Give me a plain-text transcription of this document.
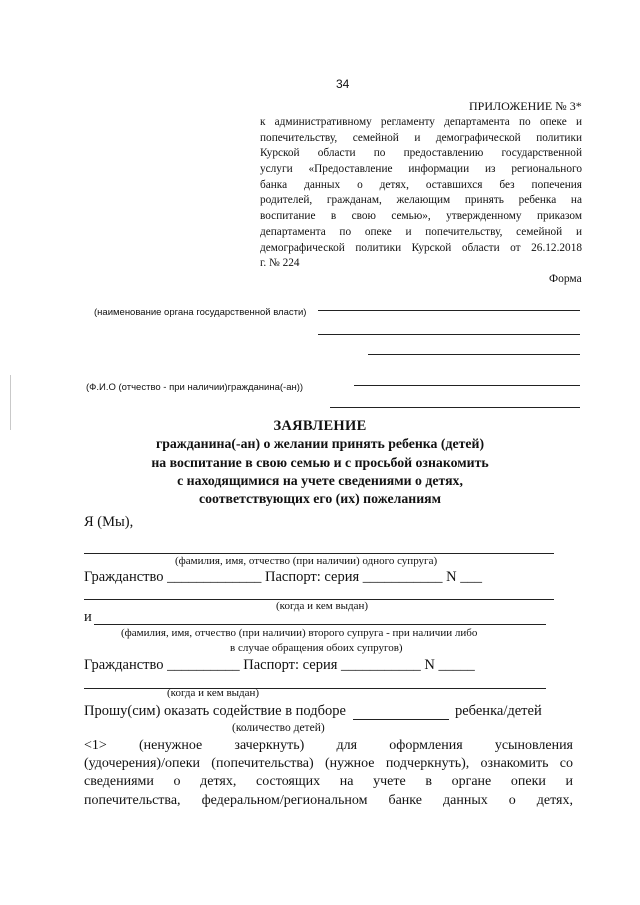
34
ПРИЛОЖЕНИЕ № 3*
к административному регламенту департамента по опеке и
попечительству, семейной и демографической политики
Курской области по предоставлению государственной
услуги «Предоставление информации из регионального
банка данных о детях, оставшихся без попечения
родителей, гражданам, желающим принять ребенка на
воспитание в свою семью», утвержденному приказом
департамента по опеке и попечительству, семейной и
демографической политики Курской области от 26.12.2018
г. № 224
Форма
(наименование органа государственной власти)
(Ф.И.О (отчество - при наличии)гражданина(-ан))
ЗАЯВЛЕНИЕ
гражданина(-ан) о желании принять ребенка (детей)
на воспитание в свою семью и с просьбой ознакомить
с находящимися на учете сведениями о детях,
соответствующих его (их) пожеланиям
Я (Мы),
(фамилия, имя, отчество (при наличии) одного супруга)
Гражданство _____________ Паспорт: серия ___________ N ___
(когда и кем выдан)
и
(фамилия, имя, отчество (при наличии) второго супруга - при наличии либо
в случае обращения обоих супругов)
Гражданство __________ Паспорт: серия ___________ N _____
(когда и кем выдан)
Прошу(сим) оказать содействие в подборе	ребенка/детей
(количество детей)
<1> (ненужное зачеркнуть) для оформления усыновления
(удочерения)/опеки (попечительства) (нужное подчеркнуть), ознакомить со
сведениями о детях, состоящих на учете в органе опеки и
попечительства, федеральном/региональном банке данных о детях,
